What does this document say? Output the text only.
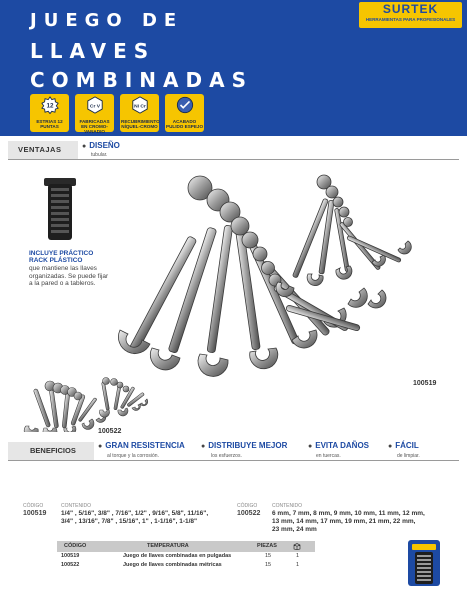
JUEGO DE
LLAVES
COMBINADAS
SURTEK
HERRAMIENTAS PARA PROFESIONALES
12
ESTRIAS 12 PUNTAS
Cr V
FABRICADAS EN CROMO-VANADIO
Ni Cr
RECUBRIMIENTO NÍQUEL-CROMO
ACABADO PULIDO ESPEJO
VENTAJAS
●	DISEÑO
tubular.
INCLUYE PRÁCTICO RACK PLÁSTICO
que mantiene las llaves organizadas. Se puede fijar a la pared o a tableros.
100519
100522
BENEFICIOS
● GRAN RESISTENCIA
al torque y la corrosión.
● DISTRIBUYE MEJOR
los esfuerzos.
● EVITA DAÑOS
en tuercas.
● FÁCIL
de limpiar.
CÓDIGO	CONTENIDO
100519 1/4" , 5/16", 3/8" , 7/16", 1/2" , 9/16", 5/8", 11/16",
3/4" , 13/16", 7/8" , 15/16", 1" , 1-1/16", 1-1/8"
CÓDIGO	CONTENIDO
100522 6 mm, 7 mm, 8 mm, 9 mm, 10 mm, 11 mm, 12 mm,
13 mm, 14 mm, 17 mm, 19 mm, 21 mm, 22 mm,
23 mm, 24 mm
CÓDIGO	TEMPERATURA	PIEZAS
100519	Juego de llaves combinadas en pulgadas	15	1
100522	Juego de llaves combinadas métricas	15	1
